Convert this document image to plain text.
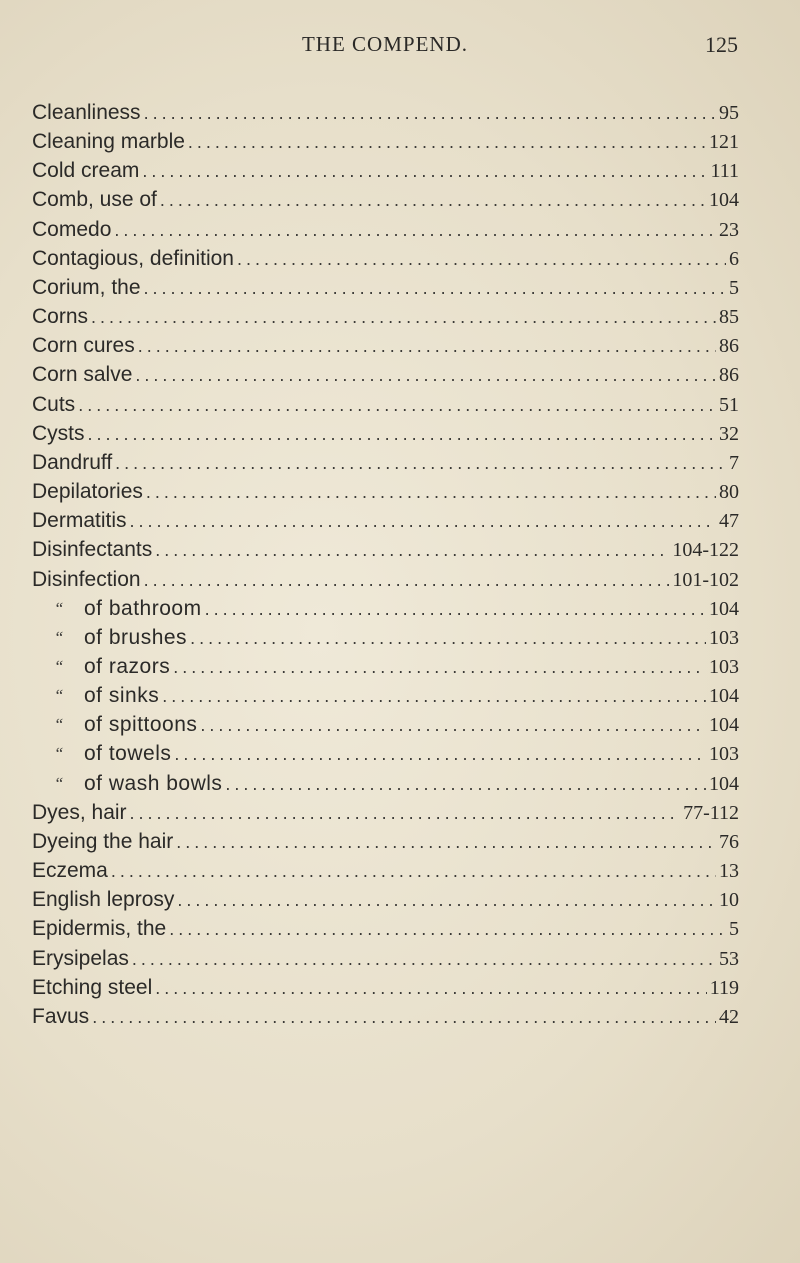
THE COMPEND.	125
Cleanliness . . .	95
Cleaning marble . . .	121
Cold cream . . .	111
Comb, use of . . .	104
Comedo . . .	23
Contagious, definition . . .	6
Corium, the . . .	5
Corns . . .	85
Corn cures . . .	86
Corn salve . . .	86
Cuts . . .	51
Cysts . . .	32
Dandruff . . .	7
Depilatories . . .	80
Dermatitis . . .	47
Disinfectants . . .	104-122
Disinfection . . .	101-102
“ of bathroom . . .	104
“ of brushes . . .	103
“ of razors . . .	103
“ of sinks . . .	104
“ of spittoons . . .	104
“ of towels . . .	103
“ of wash bowls . . .	104
Dyes, hair . . .	77-112
Dyeing the hair . . .	76
Eczema . . .	13
English leprosy . . .	10
Epidermis, the . . .	5
Erysipelas . . .	53
Etching steel . . .	119
Favus . . .	42
